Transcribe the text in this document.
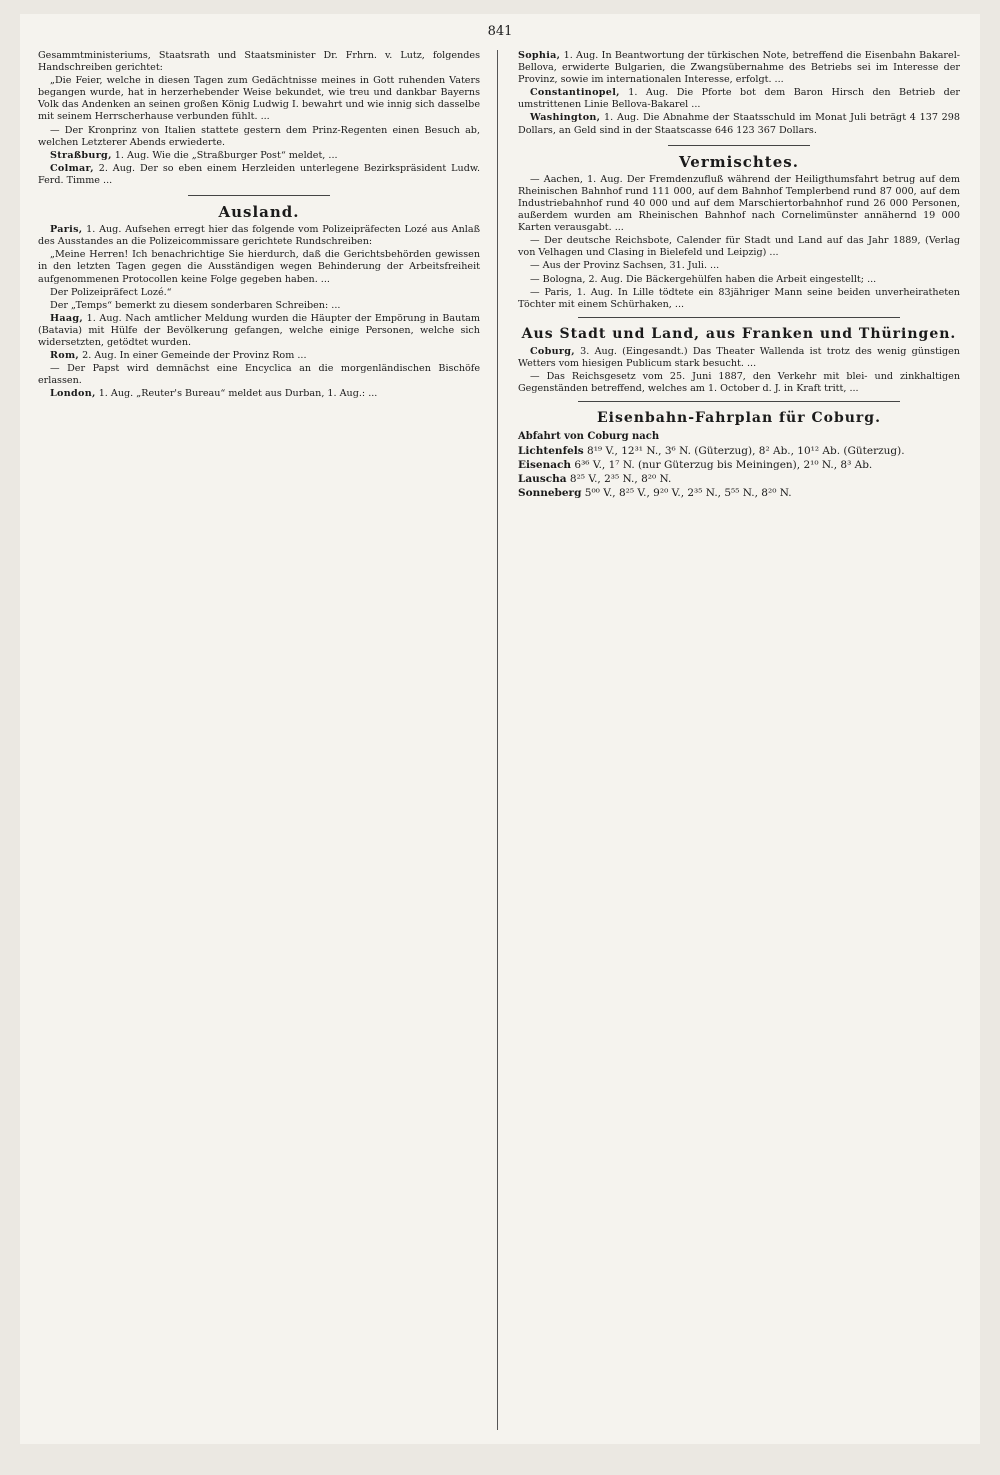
841

Gesammtministeriums, Staatsrath und Staatsminister Dr. Frhrn. v. Lutz, folgendes Handschreiben gerichtet:

„Die Feier, welche in diesen Tagen zum Gedächtnisse meines in Gott ruhenden Vaters begangen wurde, hat in herzerhebender Weise bekundet, wie treu und dankbar Bayerns Volk das Andenken an seinen großen König Ludwig I. bewahrt und wie innig sich dasselbe mit seinem Herrscherhause verbunden fühlt. ...

— Der Kronprinz von Italien stattete gestern dem Prinz-Regenten einen Besuch ab, welchen Letzterer Abends erwiederte.

Straßburg, 1. Aug. Wie die „Straßburger Post“ meldet, ...

Colmar, 2. Aug. Der so eben einem Herzleiden unterlegene Bezirkspräsident Ludw. Ferd. Timme ...

Ausland.

Paris, 1. Aug. Aufsehen erregt hier das folgende vom Polizeipräfecten Lozé aus Anlaß des Ausstandes an die Polizeicommissare gerichtete Rundschreiben:

„Meine Herren! Ich benachrichtige Sie hierdurch, daß die Gerichtsbehörden gewissen in den letzten Tagen gegen die Ausständigen wegen Behinderung der Arbeitsfreiheit aufgenommenen Protocollen keine Folge gegeben haben. ...

Der Polizeipräfect Lozé.“

Der „Temps“ bemerkt zu diesem sonderbaren Schreiben: ...

Haag, 1. Aug. Nach amtlicher Meldung wurden die Häupter der Empörung in Bautam (Batavia) mit Hülfe der Bevölkerung gefangen, welche einige Personen, welche sich widersetzten, getödtet wurden.

Rom, 2. Aug. In einer Gemeinde der Provinz Rom ...

— Der Papst wird demnächst eine Encyclica an die morgenländischen Bischöfe erlassen.

London, 1. Aug. „Reuter's Bureau“ meldet aus Durban, 1. Aug.: ...

Sophia, 1. Aug. In Beantwortung der türkischen Note, betreffend die Eisenbahn Bakarel-Bellova, erwiderte Bulgarien, die Zwangsübernahme des Betriebs sei im Interesse der Provinz, sowie im internationalen Interesse, erfolgt. ...

Constantinopel, 1. Aug. Die Pforte bot dem Baron Hirsch den Betrieb der umstrittenen Linie Bellova-Bakarel ...

Washington, 1. Aug. Die Abnahme der Staatsschuld im Monat Juli beträgt 4 137 298 Dollars, an Geld sind in der Staatscasse 646 123 367 Dollars.

Vermischtes.

— Aachen, 1. Aug. Der Fremdenzufluß während der Heiligthumsfahrt betrug auf dem Rheinischen Bahnhof rund 111 000, auf dem Bahnhof Templerbend rund 87 000, auf dem Industriebahnhof rund 40 000 und auf dem Marschiertorbahnhof rund 26 000 Personen, außerdem wurden am Rheinischen Bahnhof nach Cornelimünster annähernd 19 000 Karten verausgabt. ...

— Der deutsche Reichsbote, Calender für Stadt und Land auf das Jahr 1889, (Verlag von Velhagen und Clasing in Bielefeld und Leipzig) ...

— Aus der Provinz Sachsen, 31. Juli. ...

— Bologna, 2. Aug. Die Bäckergehülfen haben die Arbeit eingestellt; ...

— Paris, 1. Aug. In Lille tödtete ein 83jähriger Mann seine beiden unverheiratheten Töchter mit einem Schürhaken, ...

Aus Stadt und Land, aus Franken und Thüringen.

Coburg, 3. Aug. (Eingesandt.) Das Theater Wallenda ist trotz des wenig günstigen Wetters vom hiesigen Publicum stark besucht. ...

— Das Reichsgesetz vom 25. Juni 1887, den Verkehr mit blei- und zinkhaltigen Gegenständen betreffend, welches am 1. October d. J. in Kraft tritt, ...

Eisenbahn-Fahrplan für Coburg.
Abfahrt von Coburg nach
Lichtenfels 8¹⁹ V., 12³¹ N., 3⁶ N. (Güterzug), 8² Ab., 10¹² Ab. (Güterzug).
Eisenach 6³⁶ V., 1⁷ N. (nur Güterzug bis Meiningen), 2¹⁰ N., 8³ Ab.
Lauscha 8²⁵ V., 2³⁵ N., 8²⁰ N.
Sonneberg 5⁰⁰ V., 8²⁵ V., 9²⁰ V., 2³⁵ N., 5⁵⁵ N., 8²⁰ N.
